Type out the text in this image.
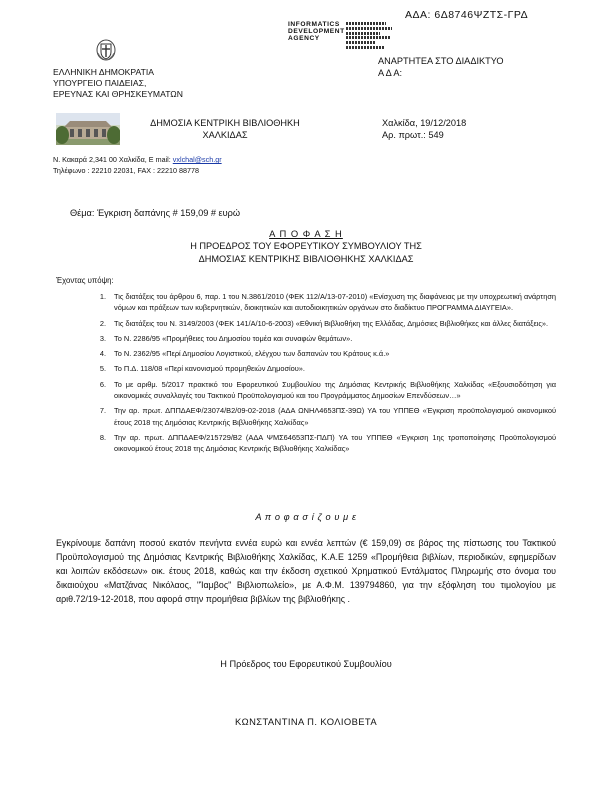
ΑΔΑ: 6Δ8746ΨΖΤΣ-ΓΡΔ
INFORMATICS
DEVELOPMENT
AGENCY
ΑΝΑΡΤΗΤΕΑ ΣΤΟ ΔΙΑΔΙΚΤΥΟ
Α Δ Α:
ΕΛΛΗΝΙΚΗ ΔΗΜΟΚΡΑΤΙΑ
ΥΠΟΥΡΓΕΙΟ ΠΑΙΔΕΙΑΣ,
ΕΡΕΥΝΑΣ ΚΑΙ ΘΡΗΣΚΕΥΜΑΤΩΝ
ΔΗΜΟΣΙΑ ΚΕΝΤΡΙΚΗ ΒΙΒΛΙΟΘΗΚΗ
ΧΑΛΚΙΔΑΣ
Χαλκίδα, 19/12/2018
Αρ. πρωτ.: 549
Ν. Κακαρά 2,341 00 Χαλκίδα, E mail: vxlchal@sch.gr
Τηλέφωνο : 22210 22031, FAX : 22210 88778
Θέμα: Έγκριση δαπάνης # 159,09 # ευρώ
Α Π Ο Φ Α Σ Η
Η ΠΡΟΕΔΡΟΣ ΤΟΥ ΕΦΟΡΕΥΤΙΚΟΥ ΣΥΜΒΟΥΛΙΟΥ ΤΗΣ
ΔΗΜΟΣΙΑΣ ΚΕΝΤΡΙΚΗΣ ΒΙΒΛΙΟΘΗΚΗΣ ΧΑΛΚΙΔΑΣ
Έχοντας υπόψη:
1. Τις διατάξεις του άρθρου 6, παρ. 1 του Ν.3861/2010 (ΦΕΚ 112/Α/13-07-2010) «Ενίσχυση της διαφάνειας με την υποχρεωτική ανάρτηση νόμων και πράξεων των κυβερνητικών, διοικητικών και αυτοδιοικητικών οργάνων στο διαδίκτυο ΠΡΟΓΡΑΜΜΑ ΔΙΑΥΓΕΙΑ».
2. Τις διατάξεις του Ν. 3149/2003 (ΦΕΚ 141/Α/10-6-2003) «Εθνική Βιβλιοθήκη της Ελλάδας, Δημόσιες Βιβλιοθήκες και άλλες διατάξεις».
3. Το Ν. 2286/95 «Προμήθειες του Δημοσίου τομέα και συναφών θεμάτων».
4. Το Ν. 2362/95 «Περί Δημοσίου Λογιστικού, ελέγχου των δαπανών του Κράτους κ.ά.»
5. Το Π.Δ. 118/08 «Περί κανονισμού προμηθειών Δημοσίου».
6. Το με αριθμ. 5/2017 πρακτικό του Εφορευτικού Συμβουλίου της Δημόσιας Κεντρικής Βιβλιοθήκης Χαλκίδας «Εξουσιοδότηση για οικονομικές συναλλαγές του Τακτικού Προϋπολογισμού και του Προγράμματος Δημοσίων Επενδύσεων…»
7. Την αρ. πρωτ. ΔΠΠΔΑΕΦ/23074/Β2/09-02-2018 (ΑΔΑ ΩΝΗΛ4653ΠΣ-39Ω) ΥΑ του ΥΠΠΕΘ «Έγκριση προϋπολογισμού οικονομικού έτους 2018 της Δημόσιας Κεντρικής Βιβλιοθήκης Χαλκίδας»
8. Την αρ. πρωτ. ΔΠΠΔΑΕΦ/215729/Β2 (ΑΔΑ ΨΜΣ64653ΠΣ-ΠΔΠ) ΥΑ του ΥΠΠΕΘ «Έγκριση 1ης τροποποίησης Προϋπολογισμού οικονομικού έτους 2018 της Δημόσιας Κεντρικής Βιβλιοθήκης Χαλκίδας»
Α π ο φ α σ ί ζ ο υ μ ε
Εγκρίνουμε δαπάνη ποσού εκατόν πενήντα εννέα ευρώ και εννέα λεπτών (€ 159,09) σε βάρος της πίστωσης του Τακτικού Προϋπολογισμού της Δημόσιας Κεντρικής Βιβλιοθήκης Χαλκίδας, Κ.Α.Ε 1259 «Προμήθεια βιβλίων, περιοδικών, εφημερίδων και λοιπών εκδόσεων» οικ. έτους 2018, καθώς και την έκδοση σχετικού Χρηματικού Εντάλματος Πληρωμής στο όνομα του δικαιούχου «Ματζάνας Νικόλαος, "Ίαμβος" Βιβλιοπωλείο», με Α.Φ.Μ. 139794860, για την εξόφληση του τιμολογίου με αριθ.72/19-12-2018, που αφορά στην προμήθεια βιβλίων της βιβλιοθήκης .
Η Πρόεδρος του Εφορευτικού Συμβουλίου
ΚΩΝΣΤΑΝΤΙΝΑ Π. ΚΟΛΙΟΒΕΤΑ
